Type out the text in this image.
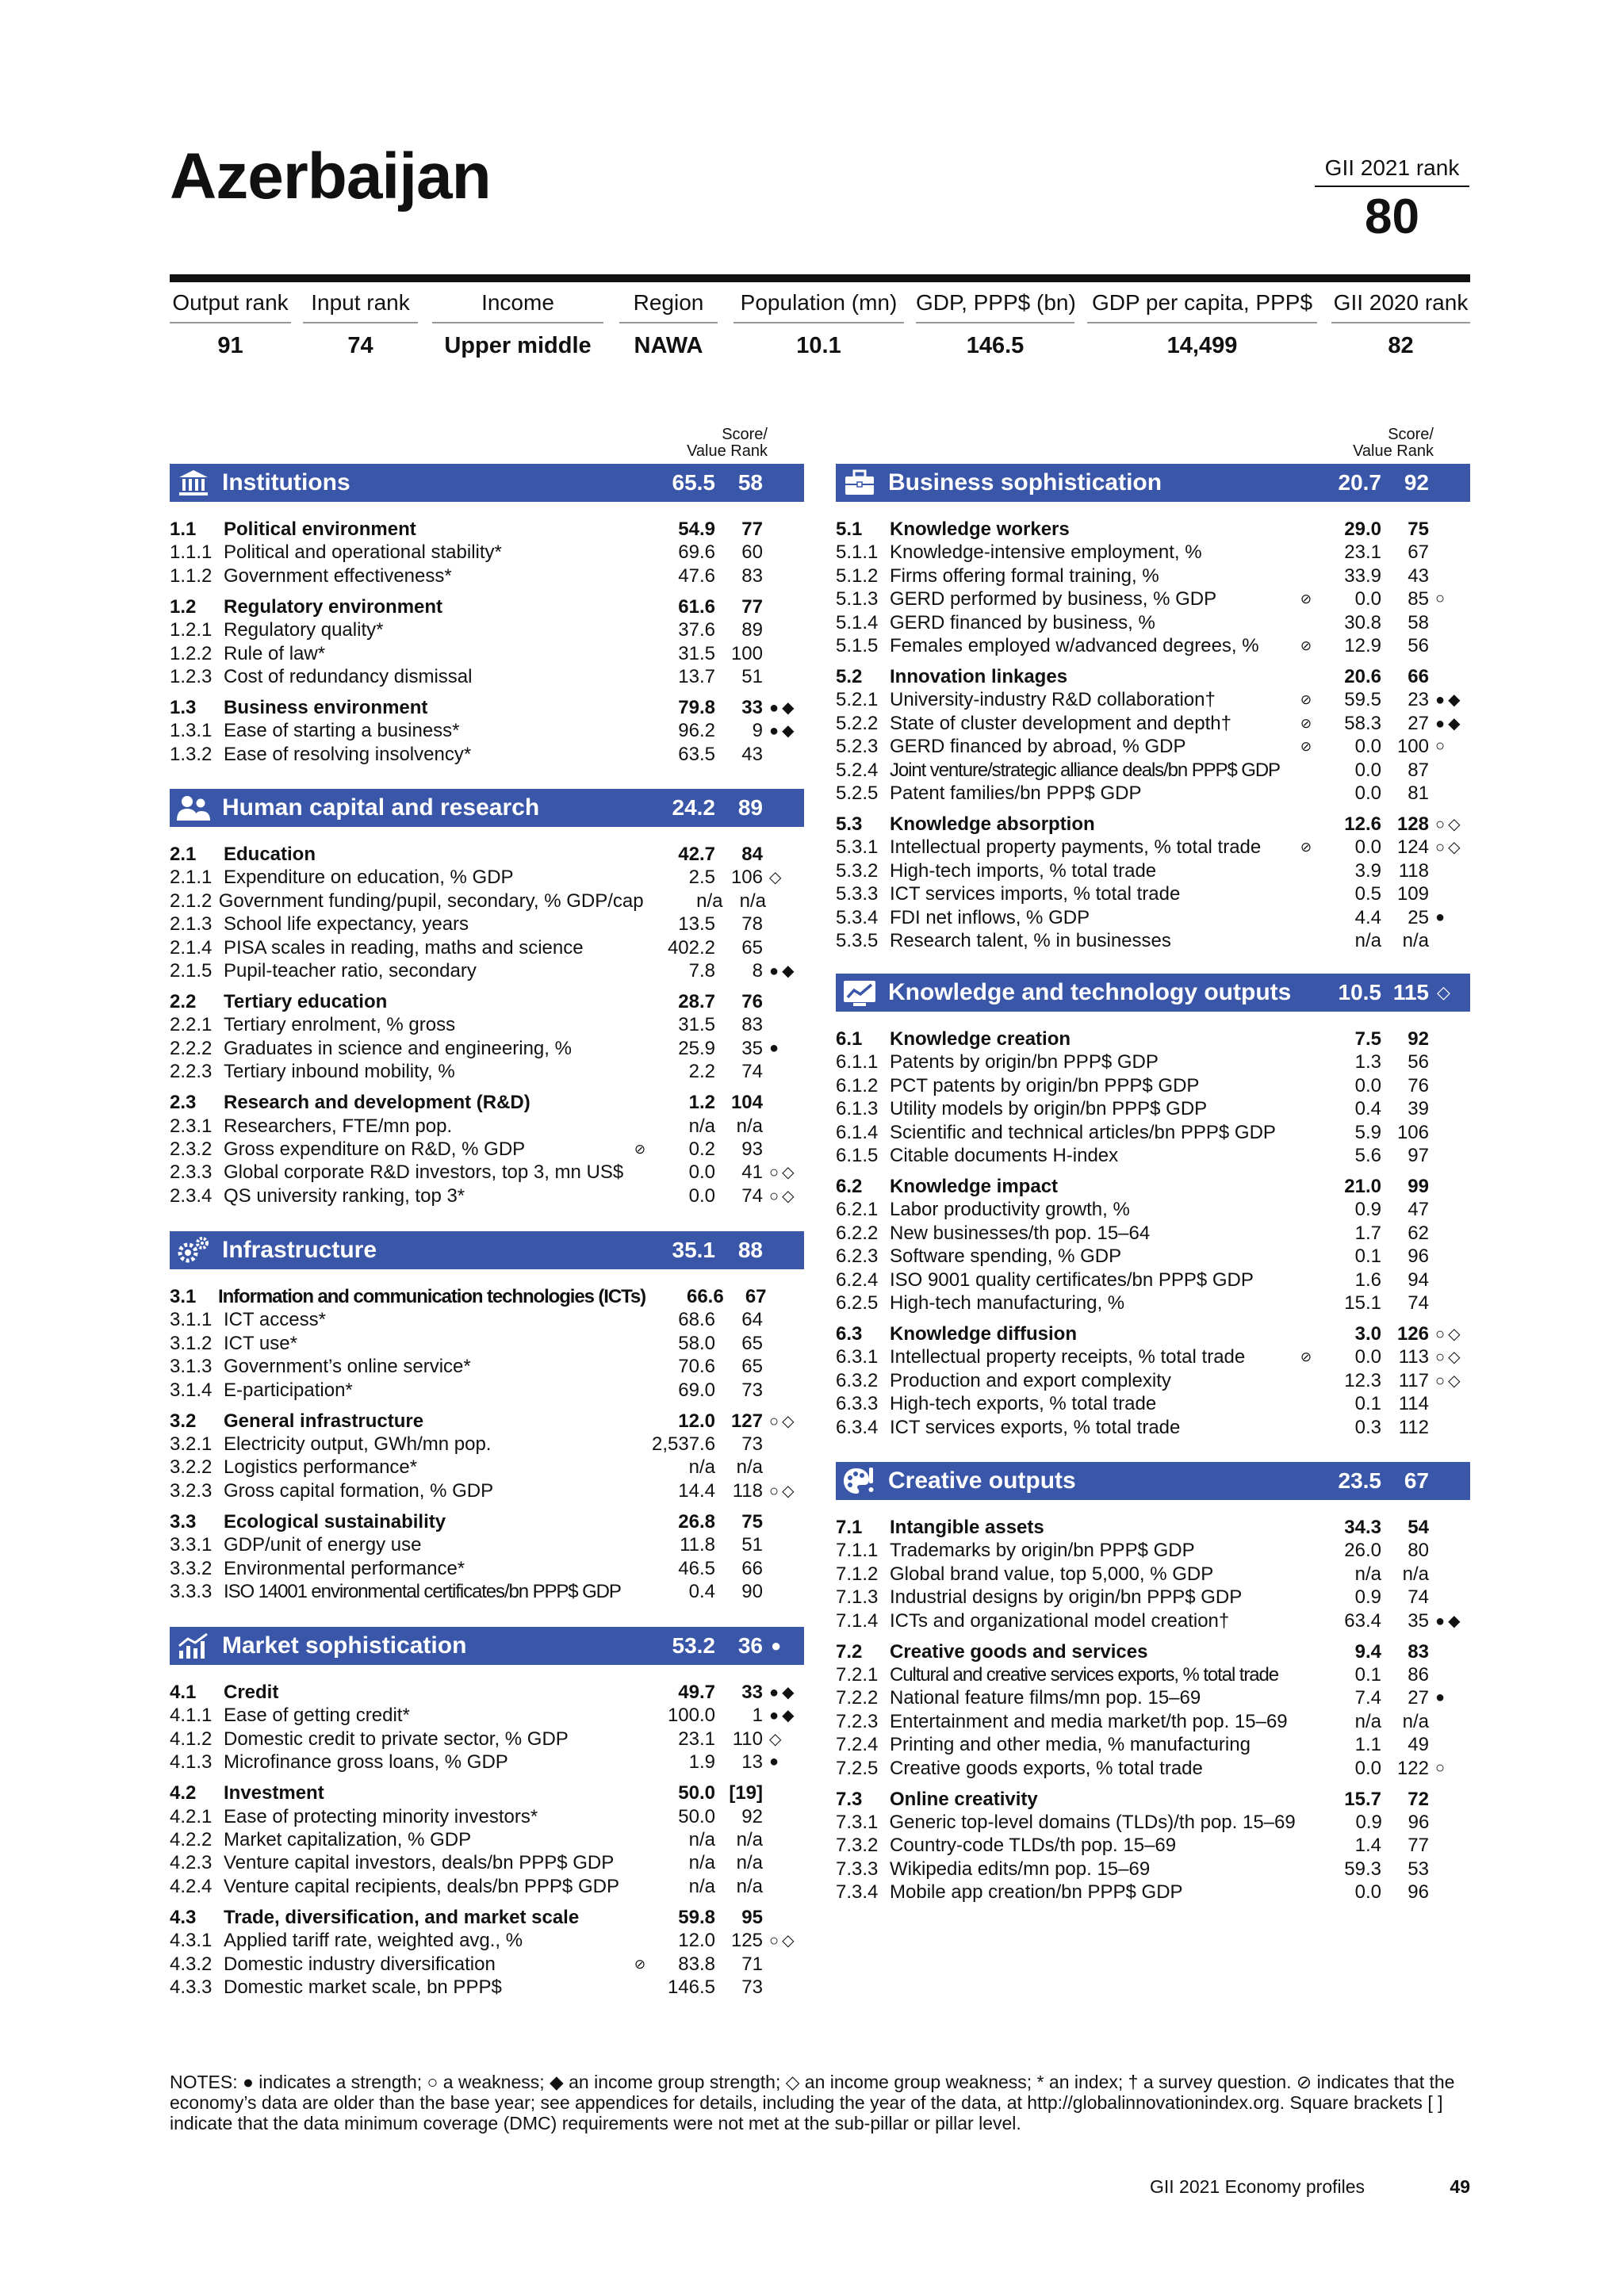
Azerbaijan	GII 2021 rank
80
Output rank
91
Input rank
74
Income
Upper middle
Region
NAWA
Population (mn)
10.1
GDP, PPP$ (bn)
146.5
GDP per capita, PPP$
14,499
GII 2020 rank
82
Score/
Value Rank
Score/
Value Rank
Institutions	65.5	58
1.1	Political environment	54.9	77
1.1.1 Political and operational stability*	69.6	60
1.1.2 Government effectiveness*	47.6	83
1.2	Regulatory environment	61.6	77
1.2.1 Regulatory quality*	37.6	89
1.2.2 Rule of law*	31.5 100
1.2.3 Cost of redundancy dismissal	13.7	51
1.3	Business environment	79.8	33 ●◆
1.3.1 Ease of starting a business*	96.2	9 ●◆
1.3.2 Ease of resolving insolvency*	63.5	43
Human capital and research	24.2	89
2.1	Education	42.7	84
2.1.1 Expenditure on education, % GDP	2.5 106 ◇
2.1.2 Government funding/pupil, secondary, % GDP/cap	n/a n/a
2.1.3 School life expectancy, years	13.5	78
2.1.4 PISA scales in reading, maths and science	402.2	65
2.1.5 Pupil-teacher ratio, secondary	7.8	8 ●◆
2.2	Tertiary education	28.7	76
2.2.1 Tertiary enrolment, % gross	31.5	83
2.2.2 Graduates in science and engineering, %	25.9	35 ●
2.2.3 Tertiary inbound mobility, %	2.2	74
2.3	Research and development (R&D)	1.2 104
2.3.1 Researchers, FTE/mn pop.	n/a	n/a
2.3.2 Gross expenditure on R&D, % GDP	⊘	0.2	93
2.3.3 Global corporate R&D investors, top 3, mn US$	0.0	41 ○◇
2.3.4 QS university ranking, top 3*	0.0	74 ○◇
Infrastructure	35.1	88
3.1	Information and communication technologies (ICTs)	66.6	67
3.1.1 ICT access*	68.6	64
3.1.2 ICT use*	58.0	65
3.1.3 Government’s online service*	70.6	65
3.1.4 E-participation*	69.0	73
3.2	General infrastructure	12.0 127 ○◇
3.2.1 Electricity output, GWh/mn pop.	2,537.6	73
3.2.2 Logistics performance*	n/a	n/a
3.2.3 Gross capital formation, % GDP	14.4 118 ○◇
3.3	Ecological sustainability	26.8	75
3.3.1 GDP/unit of energy use	11.8	51
3.3.2 Environmental performance*	46.5	66
3.3.3 ISO 14001 environmental certificates/bn PPP$ GDP	0.4	90
Market sophistication	53.2	36 ●
4.1	Credit	49.7	33 ●◆
4.1.1 Ease of getting credit*	100.0	1 ●◆
4.1.2 Domestic credit to private sector, % GDP	23.1 110 ◇
4.1.3 Microfinance gross loans, % GDP	1.9	13 ●
4.2	Investment	50.0 [19]
4.2.1 Ease of protecting minority investors*	50.0	92
4.2.2 Market capitalization, % GDP	n/a	n/a
4.2.3 Venture capital investors, deals/bn PPP$ GDP	n/a	n/a
4.2.4 Venture capital recipients, deals/bn PPP$ GDP	n/a	n/a
4.3	Trade, diversification, and market scale	59.8	95
4.3.1 Applied tariff rate, weighted avg., %	12.0 125 ○◇
4.3.2 Domestic industry diversification	⊘	83.8	71
4.3.3 Domestic market scale, bn PPP$	146.5	73
Business sophistication	20.7	92
5.1	Knowledge workers	29.0	75
5.1.1 Knowledge-intensive employment, %	23.1	67
5.1.2 Firms offering formal training, %	33.9	43
5.1.3 GERD performed by business, % GDP	⊘	0.0	85 ○
5.1.4 GERD financed by business, %	30.8	58
5.1.5 Females employed w/advanced degrees, %	⊘	12.9	56
5.2	Innovation linkages	20.6	66
5.2.1 University-industry R&D collaboration†	⊘	59.5	23 ●◆
5.2.2 State of cluster development and depth†	⊘	58.3	27 ●◆
5.2.3 GERD financed by abroad, % GDP	⊘	0.0 100 ○
5.2.4 Joint venture/strategic alliance deals/bn PPP$ GDP	0.0	87
5.2.5 Patent families/bn PPP$ GDP	0.0	81
5.3	Knowledge absorption	12.6 128 ○◇
5.3.1 Intellectual property payments, % total trade	⊘	0.0 124 ○◇
5.3.2 High-tech imports, % total trade	3.9 118
5.3.3 ICT services imports, % total trade	0.5 109
5.3.4 FDI net inflows, % GDP	4.4	25 ●
5.3.5 Research talent, % in businesses	n/a	n/a
Knowledge and technology outputs	10.5 115 ◇
6.1	Knowledge creation	7.5	92
6.1.1 Patents by origin/bn PPP$ GDP	1.3	56
6.1.2 PCT patents by origin/bn PPP$ GDP	0.0	76
6.1.3 Utility models by origin/bn PPP$ GDP	0.4	39
6.1.4 Scientific and technical articles/bn PPP$ GDP	5.9 106
6.1.5 Citable documents H-index	5.6	97
6.2	Knowledge impact	21.0	99
6.2.1 Labor productivity growth, %	0.9	47
6.2.2 New businesses/th pop. 15–64	1.7	62
6.2.3 Software spending, % GDP	0.1	96
6.2.4 ISO 9001 quality certificates/bn PPP$ GDP	1.6	94
6.2.5 High-tech manufacturing, %	15.1	74
6.3	Knowledge diffusion	3.0 126 ○◇
6.3.1 Intellectual property receipts, % total trade	⊘	0.0 113 ○◇
6.3.2 Production and export complexity	12.3 117 ○◇
6.3.3 High-tech exports, % total trade	0.1 114
6.3.4 ICT services exports, % total trade	0.3 112
Creative outputs	23.5	67
7.1	Intangible assets	34.3	54
7.1.1 Trademarks by origin/bn PPP$ GDP	26.0	80
7.1.2 Global brand value, top 5,000, % GDP	n/a	n/a
7.1.3 Industrial designs by origin/bn PPP$ GDP	0.9	74
7.1.4 ICTs and organizational model creation†	63.4	35 ●◆
7.2	Creative goods and services	9.4	83
7.2.1 Cultural and creative services exports, % total trade	0.1	86
7.2.2 National feature films/mn pop. 15–69	7.4	27 ●
7.2.3 Entertainment and media market/th pop. 15–69	n/a	n/a
7.2.4 Printing and other media, % manufacturing	1.1	49
7.2.5 Creative goods exports, % total trade	0.0 122 ○
7.3	Online creativity	15.7	72
7.3.1 Generic top-level domains (TLDs)/th pop. 15–69	0.9	96
7.3.2 Country-code TLDs/th pop. 15–69	1.4	77
7.3.3 Wikipedia edits/mn pop. 15–69	59.3	53
7.3.4 Mobile app creation/bn PPP$ GDP	0.0	96
NOTES: ● indicates a strength; ○ a weakness; ◆ an income group strength; ◇ an income group weakness; * an index; † a survey question. ⊘ indicates that the economy’s data are older than the base year; see appendices for details, including the year of the data, at http://globalinnovationindex.org. Square brackets [ ] indicate that the data minimum coverage (DMC) requirements were not met at the sub-pillar or pillar level.
GII 2021 Economy profiles	49
